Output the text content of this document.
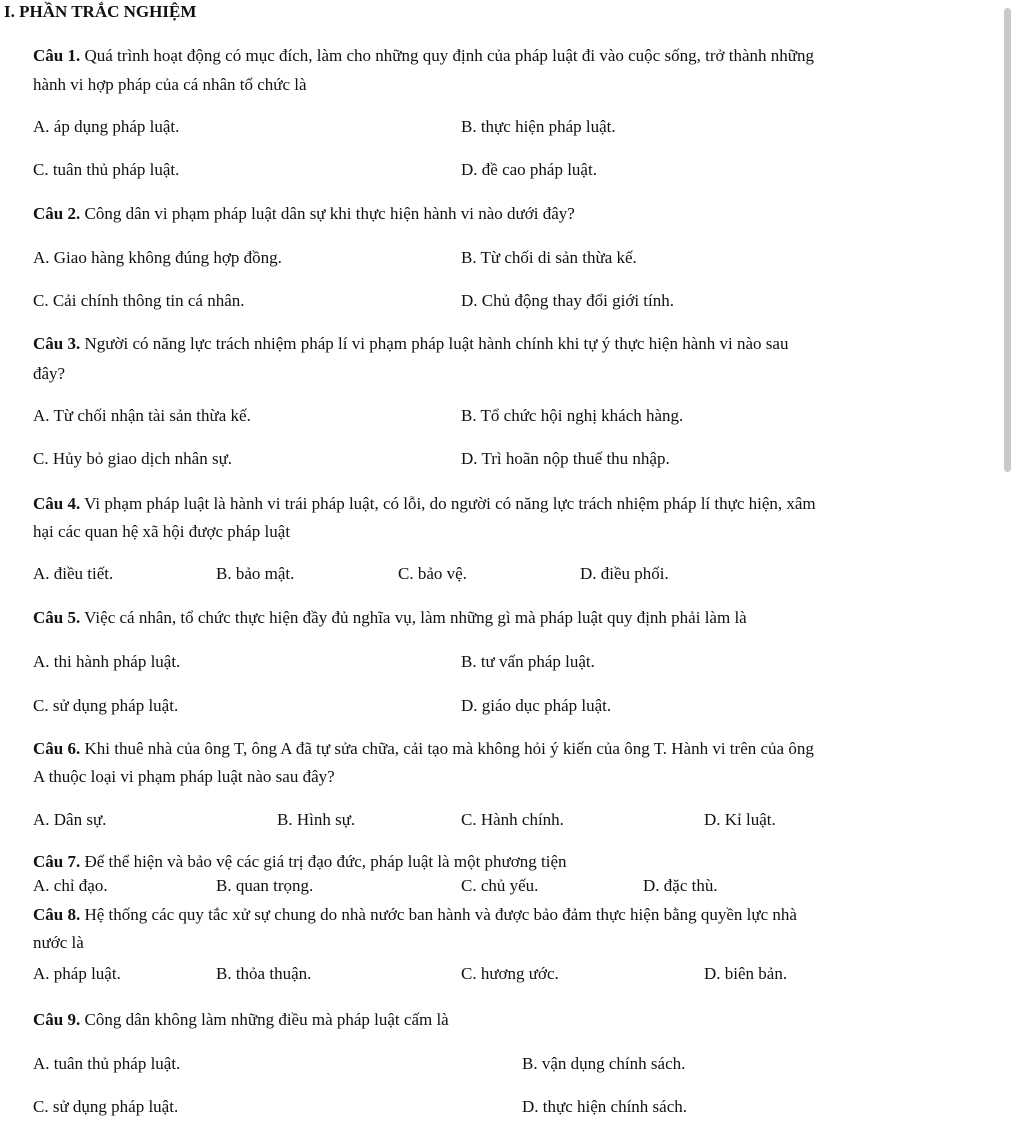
I. PHẦN TRẮC NGHIỆM
Câu 1. Quá trình hoạt động có mục đích, làm cho những quy định của pháp luật đi vào cuộc sống, trở thành những
hành vi hợp pháp của cá nhân tổ chức là
A. áp dụng pháp luật.	B. thực hiện pháp luật.
C. tuân thủ pháp luật.	D. đề cao pháp luật.
Câu 2. Công dân vi phạm pháp luật dân sự khi thực hiện hành vi nào dưới đây?
A. Giao hàng không đúng hợp đồng.	B. Từ chối di sản thừa kế.
C. Cải chính thông tin cá nhân.	D. Chủ động thay đổi giới tính.
Câu 3. Người có năng lực trách nhiệm pháp lí vi phạm pháp luật hành chính khi tự ý thực hiện hành vi nào sau
đây?
A. Từ chối nhận tài sản thừa kế.	B. Tổ chức hội nghị khách hàng.
C. Hủy bỏ giao dịch nhân sự.	D. Trì hoãn nộp thuế thu nhập.
Câu 4. Vi phạm pháp luật là hành vi trái pháp luật, có lỗi, do người có năng lực trách nhiệm pháp lí thực hiện, xâm
hại các quan hệ xã hội được pháp luật
A. điều tiết.	B. bảo mật.	C. bảo vệ.	D. điều phối.
Câu 5. Việc cá nhân, tổ chức thực hiện đầy đủ nghĩa vụ, làm những gì mà pháp luật quy định phải làm là
A. thi hành pháp luật.	B. tư vấn pháp luật.
C. sử dụng pháp luật.	D. giáo dục pháp luật.
Câu 6. Khi thuê nhà của ông T, ông A đã tự sửa chữa, cải tạo mà không hỏi ý kiến của ông T. Hành vi trên của ông
A thuộc loại vi phạm pháp luật nào sau đây?
A. Dân sự.	B. Hình sự.	C. Hành chính.	D. Kỉ luật.
Câu 7. Để thể hiện và bảo vệ các giá trị đạo đức, pháp luật là một phương tiện
A. chỉ đạo.	B. quan trọng.	C. chủ yếu.	D. đặc thù.
Câu 8. Hệ thống các quy tắc xử sự chung do nhà nước ban hành và được bảo đảm thực hiện bằng quyền lực nhà
nước là
A. pháp luật.	B. thỏa thuận.	C. hương ước.	D. biên bản.
Câu 9. Công dân không làm những điều mà pháp luật cấm là
A. tuân thủ pháp luật.	B. vận dụng chính sách.
C. sử dụng pháp luật.	D. thực hiện chính sách.
